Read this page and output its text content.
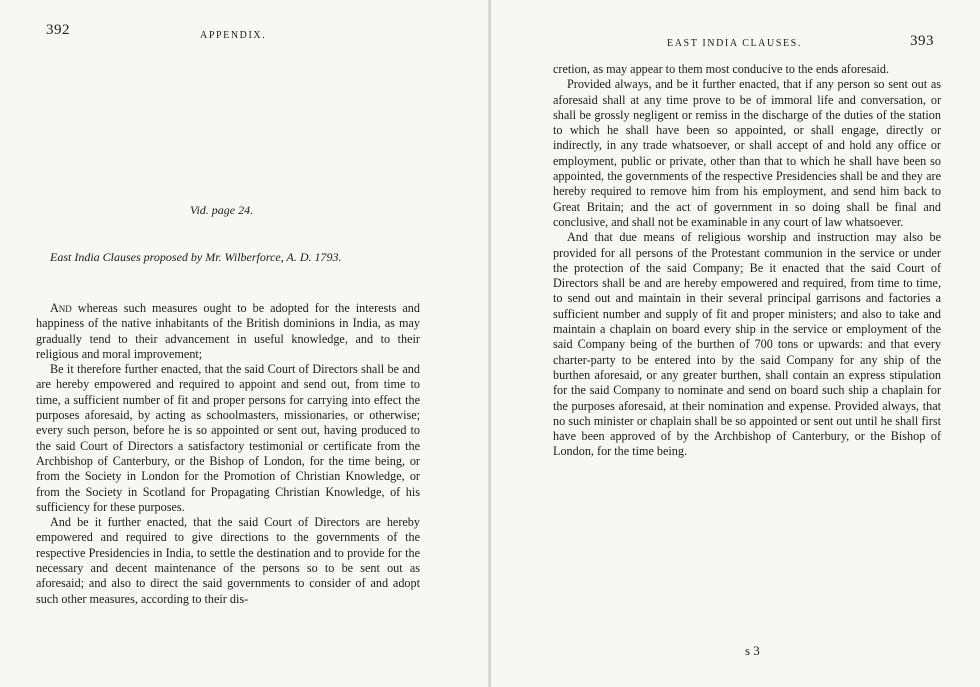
392	APPENDIX.
Vid. page 24.
East India Clauses proposed by Mr. Wilberforce, A. D. 1793.

And whereas such measures ought to be adopted for the interests and happiness of the native inhabitants of the British dominions in India, as may gradually tend to their advancement in useful knowledge, and to their religious and moral improvement;

Be it therefore further enacted, that the said Court of Directors shall be and are hereby empowered and required to appoint and send out, from time to time, a sufficient number of fit and proper persons for carrying into effect the purposes aforesaid, by acting as schoolmasters, missionaries, or otherwise; every such person, before he is so appointed or sent out, having produced to the said Court of Directors a satisfactory testimonial or certificate from the Archbishop of Canterbury, or the Bishop of London, for the time being, or from the Society in London for the Promotion of Christian Knowledge, or from the Society in Scotland for Propagating Christian Knowledge, of his sufficiency for these purposes.

And be it further enacted, that the said Court of Directors are hereby empowered and required to give directions to the governments of the respective Presidencies in India, to settle the destination and to provide for the necessary and decent maintenance of the persons so to be sent out as aforesaid; and also to direct the said governments to consider of and adopt such other measures, according to their dis-

EAST INDIA CLAUSES.	393

cretion, as may appear to them most conducive to the ends aforesaid.

Provided always, and be it further enacted, that if any person so sent out as aforesaid shall at any time prove to be of immoral life and conversation, or shall be grossly negligent or remiss in the discharge of the duties of the station to which he shall have been so appointed, or shall engage, directly or indirectly, in any trade whatsoever, or shall accept of and hold any office or employment, public or private, other than that to which he shall have been so appointed, the governments of the respective Presidencies shall be and they are hereby required to remove him from his employment, and send him back to Great Britain; and the act of government in so doing shall be final and conclusive, and shall not be examinable in any court of law whatsoever.

And that due means of religious worship and instruction may also be provided for all persons of the Protestant communion in the service or under the protection of the said Company; Be it enacted that the said Court of Directors shall be and are hereby empowered and required, from time to time, to send out and maintain in their several principal garrisons and factories a sufficient number and supply of fit and proper ministers; and also to take and maintain a chaplain on board every ship in the service or employment of the said Company being of the burthen of 700 tons or upwards: and that every charter-party to be entered into by the said Company for any ship of the burthen aforesaid, or any greater burthen, shall contain an express stipulation for the said Company to nominate and send on board such ship a chaplain for the purposes aforesaid, at their nomination and expense. Provided always, that no such minister or chaplain shall be so appointed or sent out until he shall first have been approved of by the Archbishop of Canterbury, or the Bishop of London, for the time being.

s 3
